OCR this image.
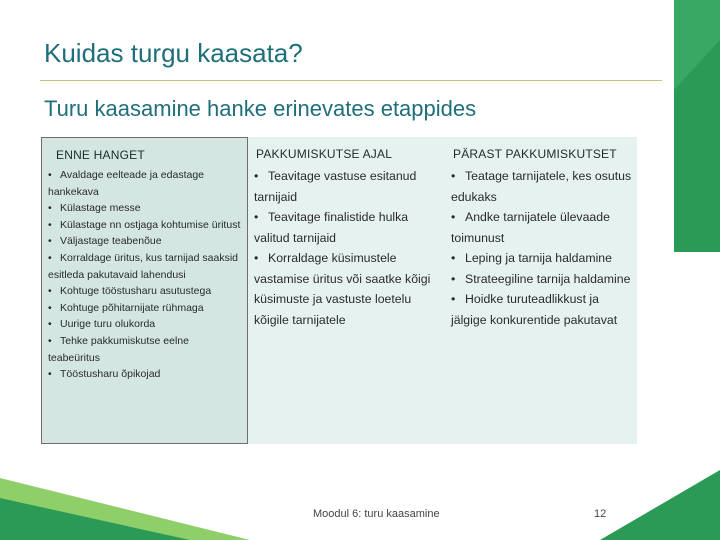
Kuidas turgu kaasata?
Turu kaasamine hanke erinevates etappides
ENNE HANGET
• Avaldage eelteade ja edastage hankekava
• Külastage messe
• Külastage nn ostjaga kohtumise üritust
• Väljastage teabenõue
• Korraldage üritus, kus tarnijad saaksid esitleda pakutavaid lahendusi
• Kohtuge tööstusharu asutustega
• Kohtuge põhitarnijate rühmaga
• Uurige turu olukorda
• Tehke pakkumiskutse eelne teabeüritus
• Tööstusharu õpikojad
PAKKUMISKUTSE AJAL
• Teavitage vastuse esitanud tarnijaid
• Teavitage finalistide hulka valitud tarnijaid
• Korraldage küsimustele vastamise üritus või saatke kõigi küsimuste ja vastuste loetelu kõigile tarnijatele
PÄRAST PAKKUMISKUTSET
• Teatage tarnijatele, kes osutus edukaks
• Andke tarnijatele ülevaade toimunust
• Leping ja tarnija haldamine
• Strateegiline tarnija haldamine
• Hoidke turuteadlikkust ja jälgige konkurentide pakutavat
Moodul 6: turu kaasamine	12
